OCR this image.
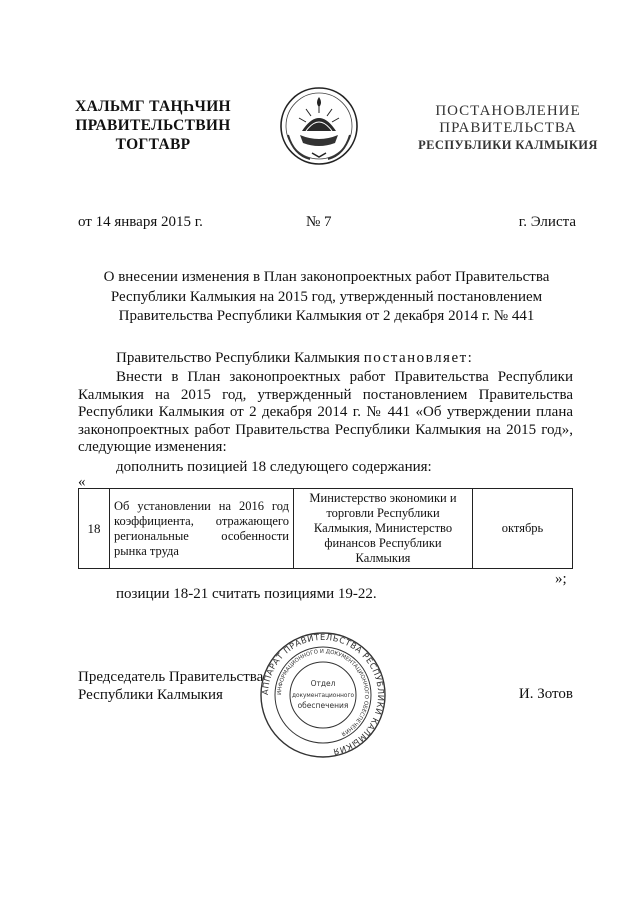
ХАЛЬМГ ТАҢҺЧИН
ПРАВИТЕЛЬСТВИН
ТОГТАВР
ПОСТАНОВЛЕНИЕ
ПРАВИТЕЛЬСТВА
РЕСПУБЛИКИ КАЛМЫКИЯ
от 14 января 2015 г.	№ 7	г. Элиста
О внесении изменения в План законопроектных работ Правительства Республики Калмыкия на 2015 год, утвержденный постановлением Правительства Республики Калмыкия от 2 декабря 2014 г. № 441
Правительство Республики Калмыкия постановляет:
Внести в План законопроектных работ Правительства Республики Калмыкия на 2015 год, утвержденный постановлением Правительства Республики Калмыкия от 2 декабря 2014 г. № 441 «Об утверждении плана законопроектных работ Правительства Республики Калмыкия на 2015 год», следующие изменения:
дополнить позицией 18 следующего содержания:
«
18	Об установлении на 2016 год коэффициента, отражающего региональные особенности рынка труда	Министерство экономики и торговли Республики Калмыкия, Министерство финансов Республики Калмыкия	октябрь
»;
позиции 18-21 считать позициями 19-22.
Председатель Правительства
Республики Калмыкия	И. Зотов
АППАРАТ ПРАВИТЕЛЬСТВА РЕСПУБЛИКИ КАЛМЫКИЯ
ИНФОРМАЦИОННОГО И ДОКУМЕНТАЦИОННОГО ОБЕСПЕЧЕНИЯ
Отдел
документационного
обеспечения
